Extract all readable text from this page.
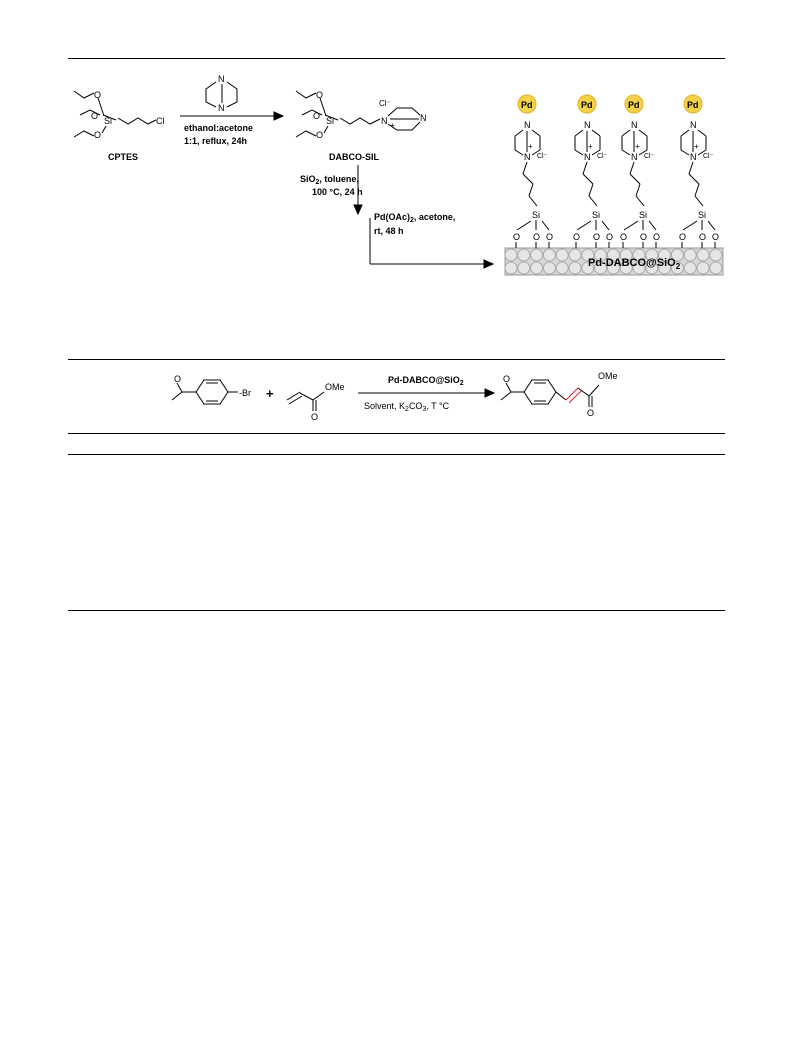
O
O
O
Si	Cl
CPTES
N
N
ethanol:acetone
1:1, reflux, 24h
O
O
O
Si	N +
N
Cl⁻
DABCO-SIL
SiO$_2$, toluene,
100 °C, 24 h
$Pd(OAc)_2$, acetone,
rt, 48 h
Pd
N
N
+
Cl⁻
Si
O O O
Pd
N
N
+
Cl⁻
Si
O O O
Pd
N
N
+
Cl⁻
Si
O O O
Pd
N
N
+
Cl⁻
Si
O O O
Pd-DABCO@SiO$_2$
O
-Br +
O
OMe
Pd-DABCO@SiO$_2$
Solvent, $K_2CO_3$, T °C
O
O
OMe
